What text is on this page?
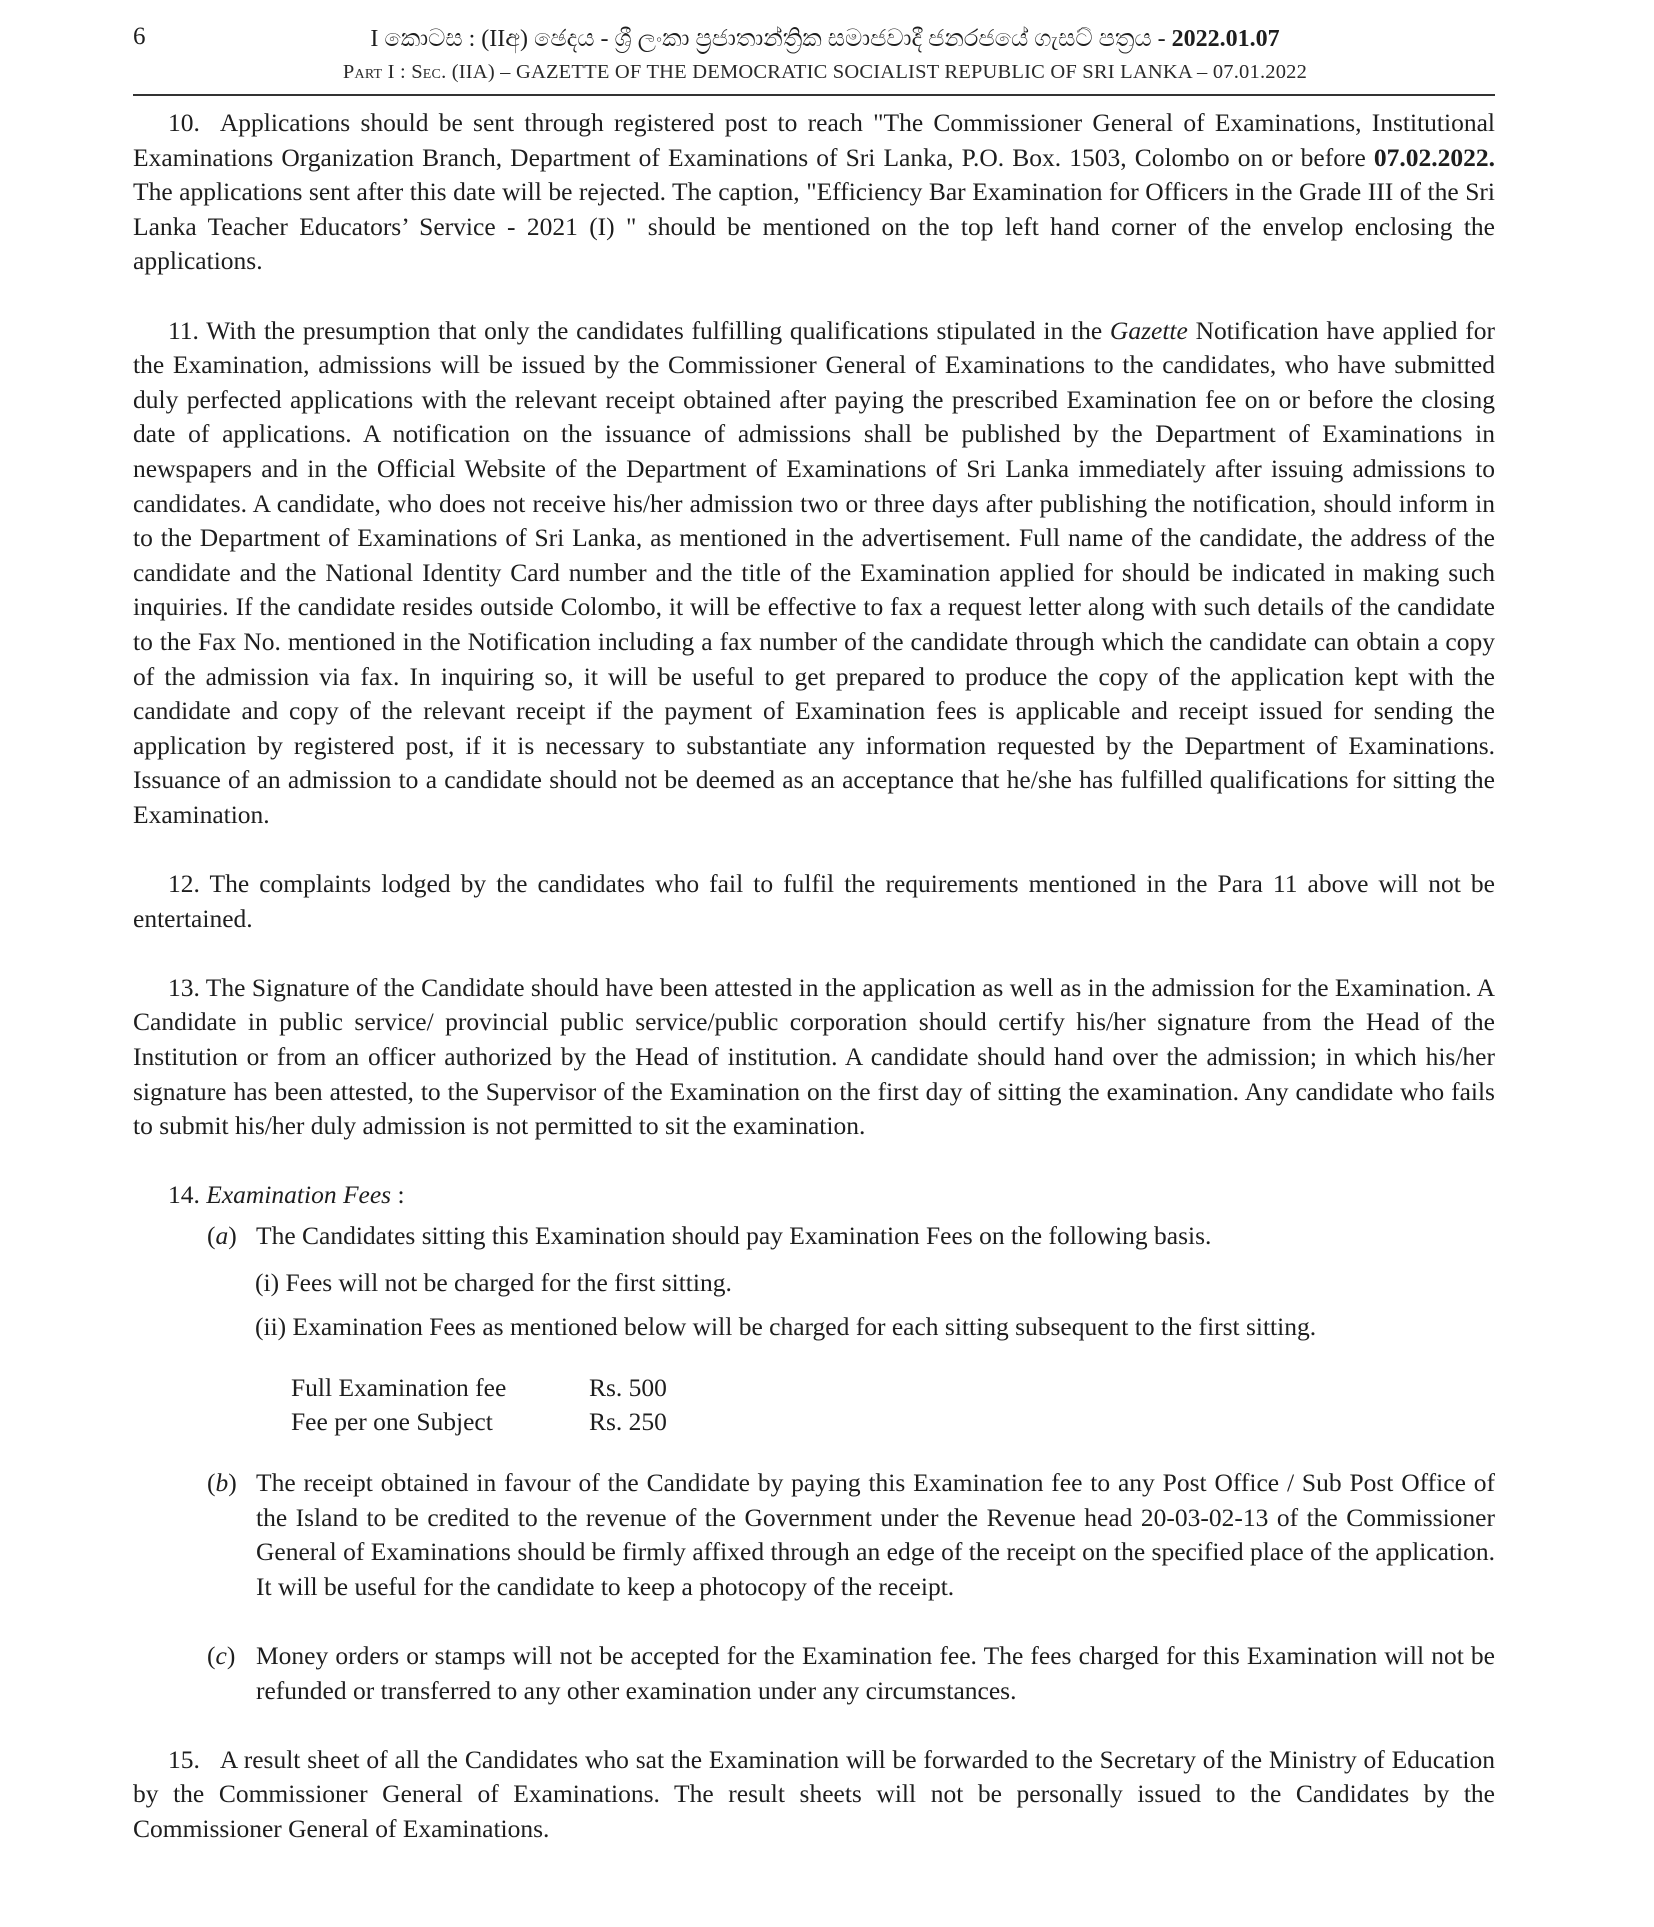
6	I කොටස : (IIඅ) ඡෙදය - ශ්‍රී ලංකා ප්‍රජාතාන්ත්‍රික සමාජවාදී ජනරජයේ ගැසට් පත්‍රය - 2022.01.07
Part I : Sec. (IIA) – GAZETTE OF THE DEMOCRATIC SOCIALIST REPUBLIC OF SRI LANKA – 07.01.2022

10. Applications should be sent through registered post to reach "The Commissioner General of Examinations, Institutional Examinations Organization Branch, Department of Examinations of Sri Lanka, P.O. Box. 1503, Colombo on or before 07.02.2022. The applications sent after this date will be rejected. The caption, "Efficiency Bar Examination for Officers in the Grade III of the Sri Lanka Teacher Educators’ Service - 2021 (I) " should be mentioned on the top left hand corner of the envelop enclosing the applications.

11. With the presumption that only the candidates fulfilling qualifications stipulated in the Gazette Notification have applied for the Examination, admissions will be issued by the Commissioner General of Examinations to the candidates, who have submitted duly perfected applications with the relevant receipt obtained after paying the prescribed Examination fee on or before the closing date of applications. A notification on the issuance of admissions shall be published by the Department of Examinations in newspapers and in the Official Website of the Department of Examinations of Sri Lanka immediately after issuing admissions to candidates. A candidate, who does not receive his/her admission two or three days after publishing the notification, should inform in to the Department of Examinations of Sri Lanka, as mentioned in the advertisement. Full name of the candidate, the address of the candidate and the National Identity Card number and the title of the Examination applied for should be indicated in making such inquiries. If the candidate resides outside Colombo, it will be effective to fax a request letter along with such details of the candidate to the Fax No. mentioned in the Notification including a fax number of the candidate through which the candidate can obtain a copy of the admission via fax. In inquiring so, it will be useful to get prepared to produce the copy of the application kept with the candidate and copy of the relevant receipt if the payment of Examination fees is applicable and receipt issued for sending the application by registered post, if it is necessary to substantiate any information requested by the Department of Examinations. Issuance of an admission to a candidate should not be deemed as an acceptance that he/she has fulfilled qualifications for sitting the Examination.

12. The complaints lodged by the candidates who fail to fulfil the requirements mentioned in the Para 11 above will not be entertained.

13. The Signature of the Candidate should have been attested in the application as well as in the admission for the Examination. A Candidate in public service/ provincial public service/public corporation should certify his/her signature from the Head of the Institution or from an officer authorized by the Head of institution. A candidate should hand over the admission; in which his/her signature has been attested, to the Supervisor of the Examination on the first day of sitting the examination. Any candidate who fails to submit his/her duly admission is not permitted to sit the examination.

14. Examination Fees :

(a) The Candidates sitting this Examination should pay Examination Fees on the following basis.
(i) Fees will not be charged for the first sitting.
(ii) Examination Fees as mentioned below will be charged for each sitting subsequent to the first sitting.
Full Examination fee	Rs. 500
Fee per one Subject	Rs. 250
(b) The receipt obtained in favour of the Candidate by paying this Examination fee to any Post Office / Sub Post Office of the Island to be credited to the revenue of the Government under the Revenue head 20-03-02-13 of the Commissioner General of Examinations should be firmly affixed through an edge of the receipt on the specified place of the application. It will be useful for the candidate to keep a photocopy of the receipt.
(c) Money orders or stamps will not be accepted for the Examination fee. The fees charged for this Examination will not be refunded or transferred to any other examination under any circumstances.

15. A result sheet of all the Candidates who sat the Examination will be forwarded to the Secretary of the Ministry of Education by the Commissioner General of Examinations. The result sheets will not be personally issued to the Candidates by the Commissioner General of Examinations.
